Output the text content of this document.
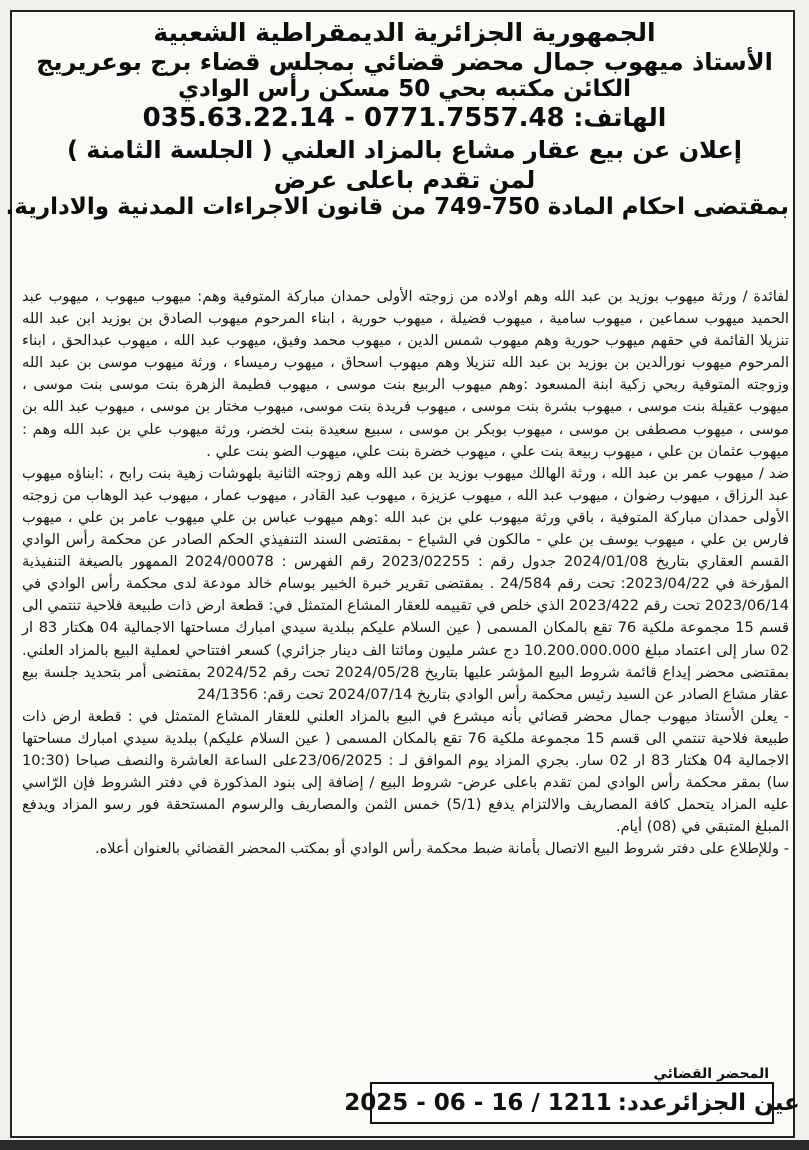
الجمهورية الجزائرية الديمقراطية الشعبية
الأستاذ ميهوب جمال محضر قضائي بمجلس قضاء برج بوعريريج
الكائن مكتبه بحي 50 مسكن رأس الوادي
الهاتف: 035.63.22.14 - 0771.7557.48
إعلان عن بيع عقار مشاع بالمزاد العلني ( الجلسة الثامنة )
لمن تقدم باعلى عرض
بمقتضى احكام المادة 750-749 من قانون الاجراءات المدنية والادارية.

لفائدة / ورثة ميهوب بوزيد بن عبد الله وهم اولاده من زوجته الأولى حمدان مباركة المتوفية وهم: ميهوب ميهوب ، ميهوب عبد الحميد ميهوب سماعين ، ميهوب سامية ، ميهوب فضيلة ، ميهوب حورية ، ابناء المرحوم ميهوب الصادق بن بوزيد ابن عبد الله تنزيلا القائمة في حقهم ميهوب حورية وهم ميهوب شمس الدين ، ميهوب محمد وفيق، ميهوب عبد الله ، ميهوب عبدالحق ، ابناء المرحوم ميهوب نورالدين بن بوزيد بن عبد الله تنزيلا وهم ميهوب اسحاق ، ميهوب رميساء ، ورثة ميهوب موسى بن عبد الله وزوجته المتوفية ربحي زكية ابنة المسعود :وهم ميهوب الربيع بنت موسى ، ميهوب فطيمة الزهرة بنت موسى بنت موسى ، ميهوب عقيلة بنت موسى ، ميهوب بشرة بنت موسى ، ميهوب فريدة بنت موسى، ميهوب مختار بن موسى ، ميهوب عبد الله بن موسى ، ميهوب مصطفى بن موسى ، ميهوب بوبكر بن موسى ، سبيع سعيدة بنت لخضر، ورثة ميهوب علي بن عبد الله وهم : ميهوب عثمان بن علي ، ميهوب ربيعة بنت علي ، ميهوب خضرة بنت علي، ميهوب الضو بنت علي .

ضد / ميهوب عمر بن عبد الله ، ورثة الهالك ميهوب بوزيد بن عبد الله وهم زوجته الثانية بلهوشات زهية بنت رابح ، :ابناؤه ميهوب عبد الرزاق ، ميهوب رضوان ، ميهوب عبد الله ، ميهوب عزيزة ، ميهوب عبد القادر ، ميهوب عمار ، ميهوب عبد الوهاب من زوجته الأولى حمدان مباركة المتوفية ، باقي ورثة ميهوب علي بن عبد الله :وهم ميهوب عباس بن علي ميهوب عامر بن علي ، ميهوب فارس بن علي ، ميهوب يوسف بن علي - مالكون في الشياع - بمقتضى السند التنفيذي الحكم الصادر عن محكمة رأس الوادي القسم العقاري بتاريخ 2024/01/08 جدول رقم : 2023/02255 رقم الفهرس : 2024/00078 الممهور بالصيغة التنفيذية المؤرخة في 2023/04/22: تحت رقم 24/584 . بمقتضى تقرير خبرة الخبير بوسام خالد مودعة لدى محكمة رأس الوادي في 2023/06/14 تحت رقم 2023/422 الذي خلص في تقييمه للعقار المشاع المتمثل في: قطعة ارض ذات طبيعة فلاحية تنتمي الى قسم 15 مجموعة ملكية 76 تقع بالمكان المسمى ( عين السلام عليكم ببلدية سيدي امبارك مساحتها الاجمالية 04 هكتار 83 ار 02 سار إلى اعتماد مبلغ 10.200.000.000 دج عشر مليون ومائتا الف دينار جزائري) كسعر افتتاحي لعملية البيع بالمزاد العلني. بمقتضى محضر إيداع قائمة شروط البيع المؤشر عليها بتاريخ 2024/05/28 تحت رقم 2024/52 بمقتضى أمر بتحديد جلسة بيع عقار مشاع الصادر عن السيد رئيس محكمة رأس الوادي بتاريخ 2024/07/14 تحت رقم: 24/1356

- يعلن الأستاذ ميهوب جمال محضر قضائي بأنه ميشرع في البيع بالمزاد العلني للعقار المشاع المتمثل في : قطعة ارض ذات طبيعة فلاحية تنتمي الى قسم 15 مجموعة ملكية 76 تقع بالمكان المسمى ( عين السلام عليكم) ببلدية سيدي امبارك مساحتها الاجمالية 04 هكتار 83 ار 02 سار. بجري المزاد يوم الموافق لـ : 23/06/2025على الساعة العاشرة والنصف صباحا (10:30 سا) بمقر محكمة رأس الوادي لمن تقدم باعلى عرض- شروط البيع / إضافة إلى بنود المذكورة في دفتر الشروط فإن الرّاسي عليه المزاد يتحمل كافة المصاريف والالتزام يدفع (5/1) خمس الثمن والمصاريف والرسوم المستحقة فور رسو المزاد ويدفع المبلغ المتبقي في (08) أيام.

- وللإطلاع على دفتر شروط البيع الاتصال بأمانة ضبط محكمة رأس الوادي أو بمكتب المحضر القضائي بالعنوان أعلاه.

المحضر القضائي
عين الجزائرعدد:
2025 - 06 - 16 / 1211
